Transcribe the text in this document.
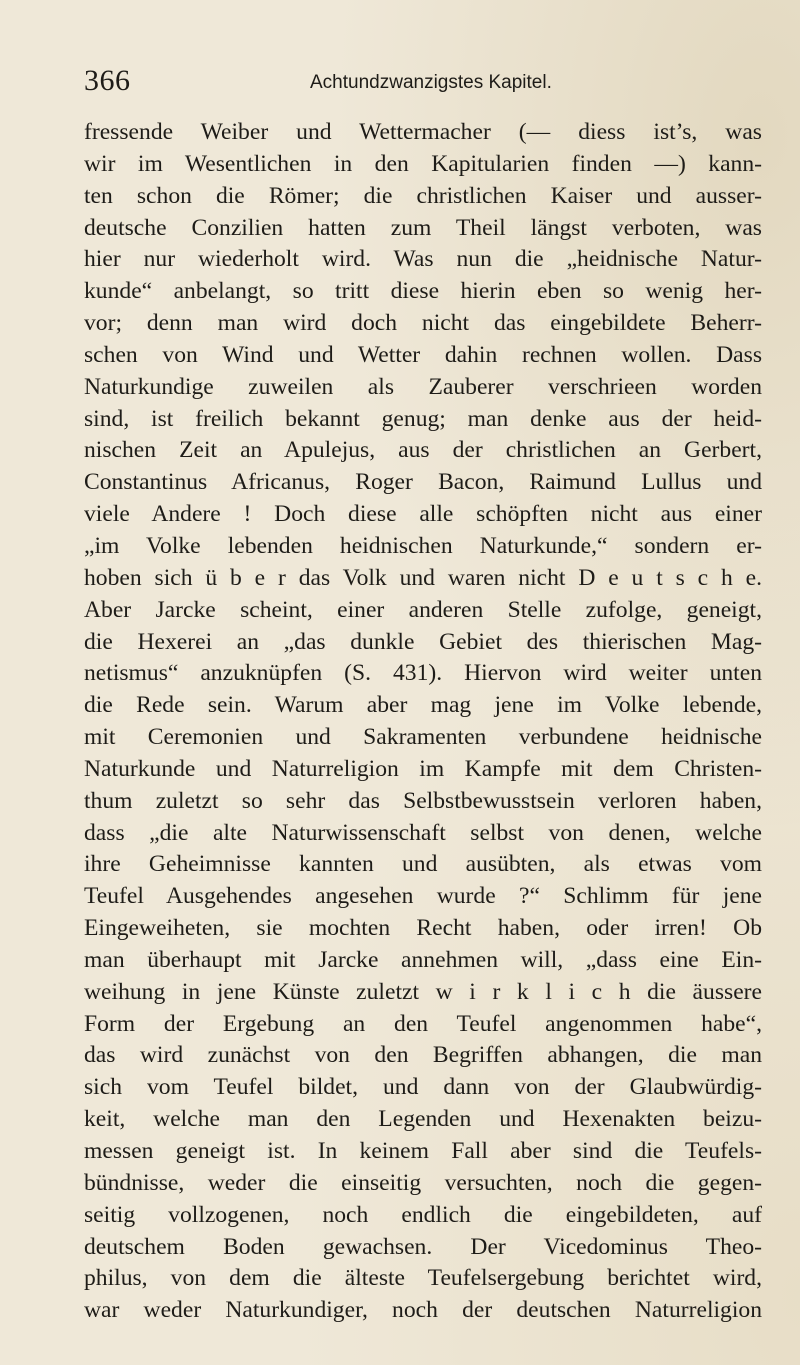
366	Achtundzwanzigstes Kapitel.
fressende Weiber und Wettermacher (— diess ist’s, was
wir im Wesentlichen in den Kapitularien finden —) kann-
ten schon die Römer; die christlichen Kaiser und ausser-
deutsche Conzilien hatten zum Theil längst verboten, was
hier nur wiederholt wird. Was nun die „heidnische Natur-
kunde“ anbelangt, so tritt diese hierin eben so wenig her-
vor; denn man wird doch nicht das eingebildete Beherr-
schen von Wind und Wetter dahin rechnen wollen. Dass
Naturkundige zuweilen als Zauberer verschrieen worden
sind, ist freilich bekannt genug; man denke aus der heid-
nischen Zeit an Apulejus, aus der christlichen an Gerbert,
Constantinus Africanus, Roger Bacon, Raimund Lullus und
viele Andere ! Doch diese alle schöpften nicht aus einer
„im Volke lebenden heidnischen Naturkunde,“ sondern er-
hoben sich ü b e r das Volk und waren nicht D e u t s c h e.
Aber Jarcke scheint, einer anderen Stelle zufolge, geneigt,
die Hexerei an „das dunkle Gebiet des thierischen Mag-
netismus“ anzuknüpfen (S. 431). Hiervon wird weiter unten
die Rede sein. Warum aber mag jene im Volke lebende,
mit Ceremonien und Sakramenten verbundene heidnische
Naturkunde und Naturreligion im Kampfe mit dem Christen-
thum zuletzt so sehr das Selbstbewusstsein verloren haben,
dass „die alte Naturwissenschaft selbst von denen, welche
ihre Geheimnisse kannten und ausübten, als etwas vom
Teufel Ausgehendes angesehen wurde ?“ Schlimm für jene
Eingeweiheten, sie mochten Recht haben, oder irren! Ob
man überhaupt mit Jarcke annehmen will, „dass eine Ein-
weihung in jene Künste zuletzt w i r k l i c h die äussere
Form der Ergebung an den Teufel angenommen habe“,
das wird zunächst von den Begriffen abhangen, die man
sich vom Teufel bildet, und dann von der Glaubwürdig-
keit, welche man den Legenden und Hexenakten beizu-
messen geneigt ist. In keinem Fall aber sind die Teufels-
bündnisse, weder die einseitig versuchten, noch die gegen-
seitig vollzogenen, noch endlich die eingebildeten, auf
deutschem Boden gewachsen. Der Vicedominus Theo-
philus, von dem die älteste Teufelsergebung berichtet wird,
war weder Naturkundiger, noch der deutschen Naturreligion
